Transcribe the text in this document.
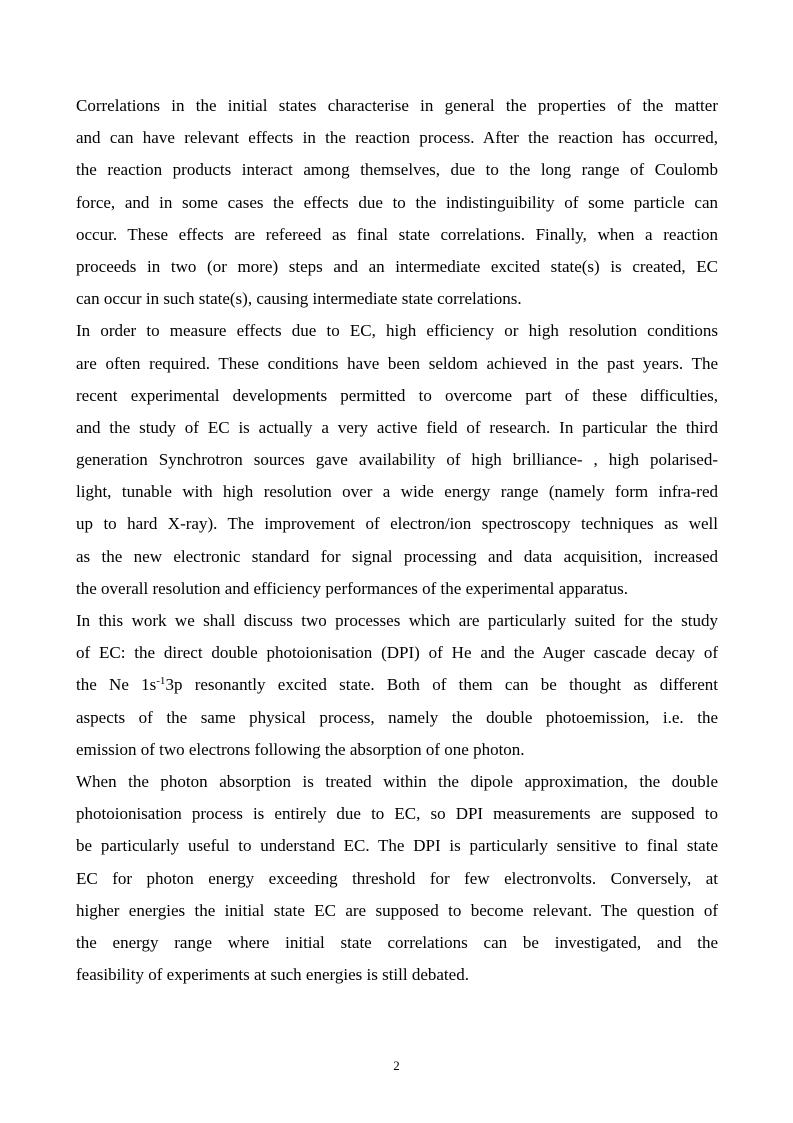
Correlations in the initial states characterise in general the properties of the matter
and can have relevant effects in the reaction process. After the reaction has occurred,
the reaction products interact among themselves, due to the long range of Coulomb
force, and in some cases the effects due to the indistinguibility of some particle can
occur. These effects are refereed as final state correlations. Finally, when a reaction
proceeds in two (or more) steps and an intermediate excited state(s) is created, EC
can occur in such state(s), causing intermediate state correlations.
In order to measure effects due to EC, high efficiency or high resolution conditions
are often required. These conditions have been seldom achieved in the past years. The
recent experimental developments permitted to overcome part of these difficulties,
and the study of EC is actually a very active field of research. In particular the third
generation Synchrotron sources gave availability of high brilliance- , high polarised-
light, tunable with high resolution over a wide energy range (namely form infra-red
up to hard X-ray). The improvement of electron/ion spectroscopy techniques as well
as the new electronic standard for signal processing and data acquisition, increased
the overall resolution and efficiency performances of the experimental apparatus.
In this work we shall discuss two processes which are particularly suited for the study
of EC: the direct double photoionisation (DPI) of He and the Auger cascade decay of
the Ne $1s^{-1}3p$ resonantly excited state. Both of them can be thought as different
aspects of the same physical process, namely the double photoemission, i.e. the
emission of two electrons following the absorption of one photon.
When the photon absorption is treated within the dipole approximation, the double
photoionisation process is entirely due to EC, so DPI measurements are supposed to
be particularly useful to understand EC. The DPI is particularly sensitive to final state
EC for photon energy exceeding threshold for few electronvolts. Conversely, at
higher energies the initial state EC are supposed to become relevant. The question of
the energy range where initial state correlations can be investigated, and the
feasibility of experiments at such energies is still debated.
2
